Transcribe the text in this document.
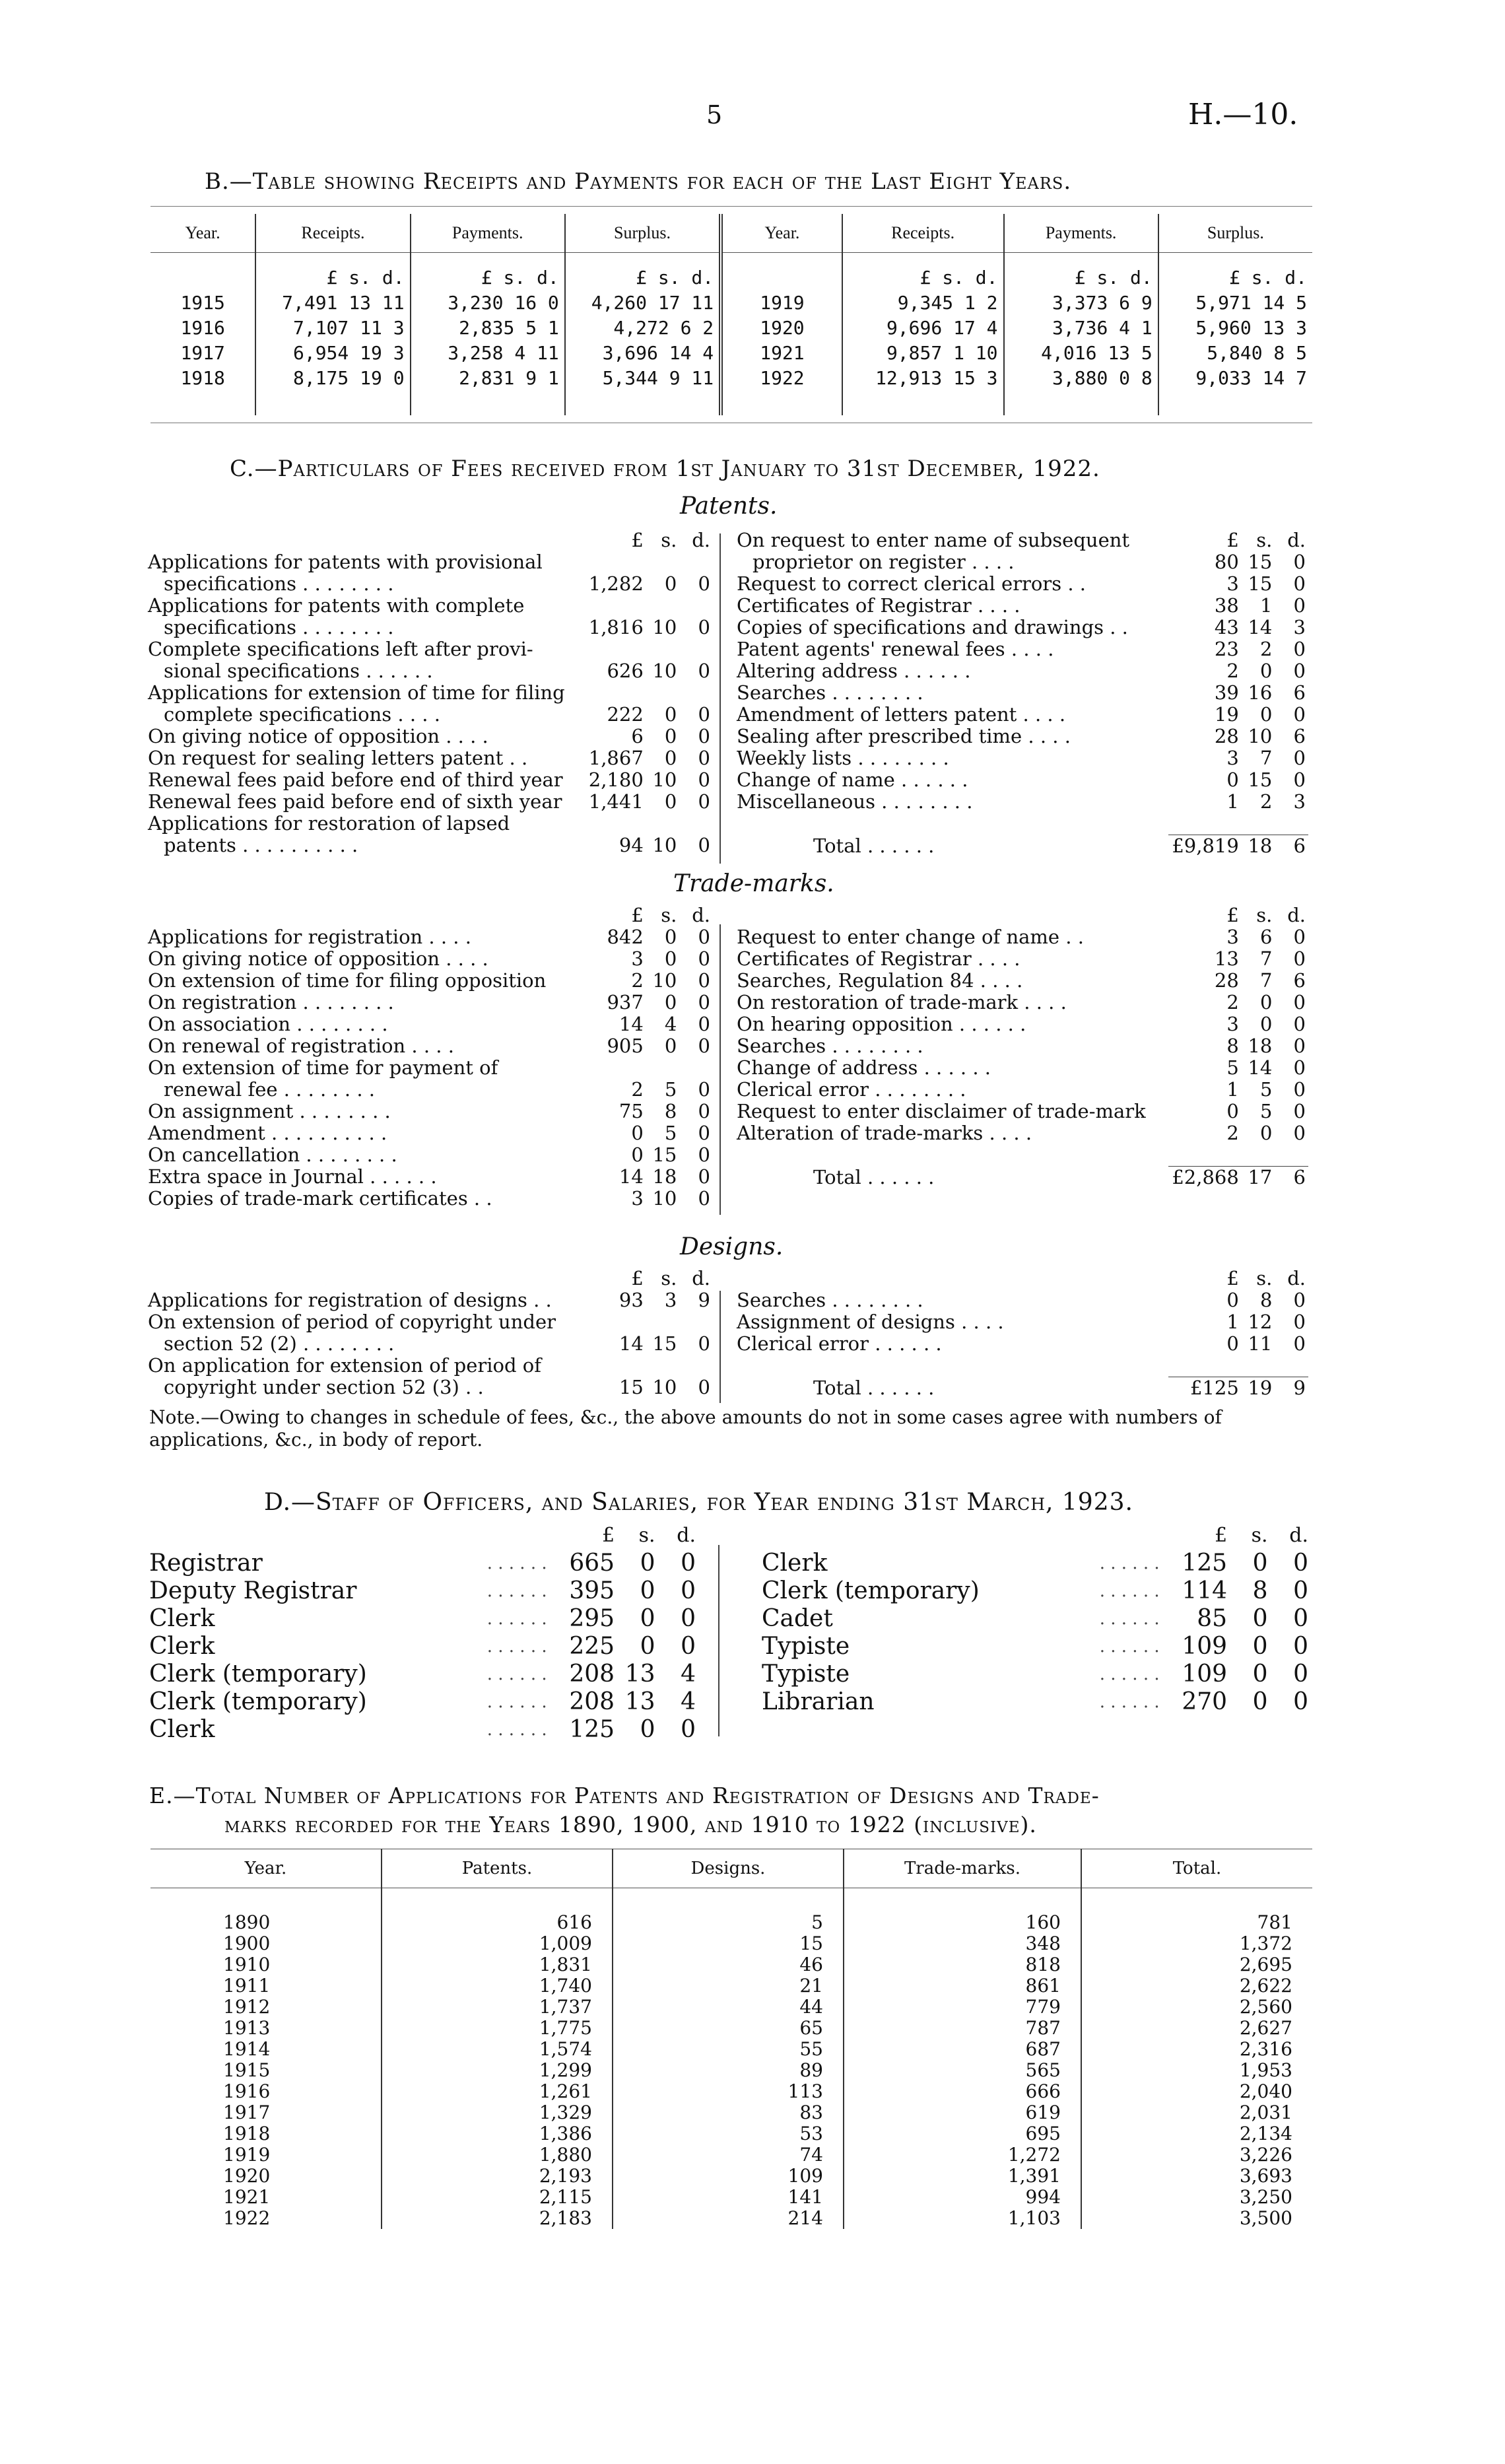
5	H.—10.
B.—Table showing Receipts and Payments for each of the Last Eight Years.
Year.	Receipts.	Payments.	Surplus.	Year.	Receipts.	Payments.	Surplus.
	£ s. d.	£ s. d.	£ s. d.		£ s. d.	£ s. d.	£ s. d.
1915	7,491 13 11	3,230 16 0	4,260 17 11	1919	9,345 1 2	3,373 6 9	5,971 14 5
1916	7,107 11 3	2,835 5 1	4,272 6 2	1920	9,696 17 4	3,736 4 1	5,960 13 3
1917	6,954 19 3	3,258 4 11	3,696 14 4	1921	9,857 1 10	4,016 13 5	5,840 8 5
1918	8,175 19 0	2,831 9 1	5,344 9 11	1922	12,913 15 3	3,880 0 8	9,033 14 7

C.—Particulars of Fees received from 1st January to 31st December, 1922.
Patents.
	£	s.	d.
Applications for patents with provisional			
specifications . . . . . . . .	1,282	0	0
Applications for patents with complete			
specifications . . . . . . . .	1,816	10	0
Complete specifications left after provi-			
sional specifications . . . . . .	626	10	0
Applications for extension of time for filing			
complete specifications . . . .	222	0	0
On giving notice of opposition . . . .	6	0	0
On request for sealing letters patent . .	1,867	0	0
Renewal fees paid before end of third year	2,180	10	0
Renewal fees paid before end of sixth year	1,441	0	0
Applications for restoration of lapsed			
patents . . . . . . . . . .	94	10	0
On request to enter name of subsequent	£	s.	d.
proprietor on register . . . .	80	15	0
Request to correct clerical errors . .	3	15	0
Certificates of Registrar . . . .	38	1	0
Copies of specifications and drawings . .	43	14	3
Patent agents' renewal fees . . . .	23	2	0
Altering address . . . . . .	2	0	0
Searches . . . . . . . .	39	16	6
Amendment of letters patent . . . .	19	0	0
Sealing after prescribed time . . . .	28	10	6
Weekly lists . . . . . . . .	3	7	0
Change of name . . . . . .	0	15	0
Miscellaneous . . . . . . . .	1	2	3

Total . . . . . .	£9,819	18	6
Trade-marks.
	£	s.	d.
Applications for registration . . . .	842	0	0
On giving notice of opposition . . . .	3	0	0
On extension of time for filing opposition	2	10	0
On registration . . . . . . . .	937	0	0
On association . . . . . . . .	14	4	0
On renewal of registration . . . .	905	0	0
On extension of time for payment of			
renewal fee . . . . . . . .	2	5	0
On assignment . . . . . . . .	75	8	0
Amendment . . . . . . . . . .	0	5	0
On cancellation . . . . . . . .	0	15	0
Extra space in Journal . . . . . .	14	18	0
Copies of trade-mark certificates . .	3	10	0
	£	s.	d.
Request to enter change of name . .	3	6	0
Certificates of Registrar . . . .	13	7	0
Searches, Regulation 84 . . . .	28	7	6
On restoration of trade-mark . . . .	2	0	0
On hearing opposition . . . . . .	3	0	0
Searches . . . . . . . .	8	18	0
Change of address . . . . . .	5	14	0
Clerical error . . . . . . . .	1	5	0
Request to enter disclaimer of trade-mark	0	5	0
Alteration of trade-marks . . . .	2	0	0

Total . . . . . .	£2,868	17	6
Designs.
	£	s.	d.
Applications for registration of designs . .	93	3	9
On extension of period of copyright under			
section 52 (2) . . . . . . . .	14	15	0
On application for extension of period of			
copyright under section 52 (3) . .	15	10	0
	£	s.	d.
Searches . . . . . . . .	0	8	0
Assignment of designs . . . .	1	12	0
Clerical error . . . . . .	0	11	0

Total . . . . . .	£125	19	9
Note.—Owing to changes in schedule of fees, &c., the above amounts do not in some cases agree with numbers of applications, &c., in body of report.
D.—Staff of Officers, and Salaries, for Year ending 31st March, 1923.
		£	s.	d.
Registrar	. . . . . .	665	0	0
Deputy Registrar	. . . . . .	395	0	0
Clerk	. . . . . .	295	0	0
Clerk	. . . . . .	225	0	0
Clerk (temporary)	. . . . . .	208	13	4
Clerk (temporary)	. . . . . .	208	13	4
Clerk	. . . . . .	125	0	0
		£	s.	d.
Clerk	. . . . . .	125	0	0
Clerk (temporary)	. . . . . .	114	8	0
Cadet	. . . . . .	85	0	0
Typiste	. . . . . .	109	0	0
Typiste	. . . . . .	109	0	0
Librarian	. . . . . .	270	0	0
E.—Total Number of Applications for Patents and Registration of Designs and Trade-
marks recorded for the Years 1890, 1900, and 1910 to 1922 (inclusive).
Year.	Patents.	Designs.	Trade-marks.	Total.

1890	616	5	160	781
1900	1,009	15	348	1,372
1910	1,831	46	818	2,695
1911	1,740	21	861	2,622
1912	1,737	44	779	2,560
1913	1,775	65	787	2,627
1914	1,574	55	687	2,316
1915	1,299	89	565	1,953
1916	1,261	113	666	2,040
1917	1,329	83	619	2,031
1918	1,386	53	695	2,134
1919	1,880	74	1,272	3,226
1920	2,193	109	1,391	3,693
1921	2,115	141	994	3,250
1922	2,183	214	1,103	3,500
